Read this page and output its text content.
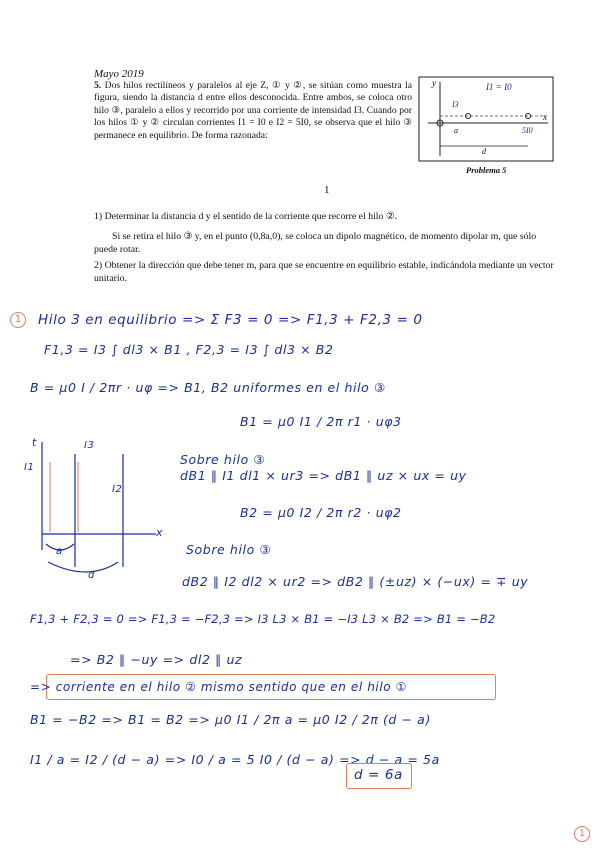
Mayo 2019
5. Dos hilos rectilíneos y paralelos al eje Z, ① y ②, se sitúan como muestra la figura, siendo la distancia d entre ellos desconocida. Entre ambos, se coloca otro hilo ③, paralelo a ellos y recorrido por una corriente de intensidad I3. Cuando por los hilos ① y ② circulan corrientes I1 = I0 e I2 = 5I0, se observa que el hilo ③ permanece en equilibrio. De forma razonada:
y
x
I1 = I0
I3
5I0
a
d
Problema 5
1
1) Determinar la distancia d y el sentido de la corriente que recorre el hilo ②.
Si se retira el hilo ③ y, en el punto (0,8a,0), se coloca un dipolo magnético, de momento dipolar m, que sólo puede rotar.
2) Obtener la dirección que debe tener m, para que se encuentre en equilibrio estable, indicándola mediante un vector unitario.
1	Hilo 3 en equilibrio => Σ F3 = 0 => F1,3 + F2,3 = 0
F1,3 = I3 ∫ dl3 × B1 , F2,3 = I3 ∫ dl3 × B2
B = μ0 I / 2πr · uφ => B1, B2 uniformes en el hilo ③
B1 = μ0 I1 / 2π r1 · uφ3
Sobre hilo ③
dB1 ∥ I1 dl1 × ur3 => dB1 ∥ uz × ux = uy
B2 = μ0 I2 / 2π r2 · uφ2
Sobre hilo ③
dB2 ∥ I2 dl2 × ur2 => dB2 ∥ (±uz) × (−ux) = ∓ uy
F1,3 + F2,3 = 0 => F1,3 = −F2,3 => I3 L3 × B1 = −I3 L3 × B2 => B1 = −B2
=> B2 ∥ −uy => dl2 ∥ uz
=> corriente en el hilo ② mismo sentido que en el hilo ①
B1 = −B2 => B1 = B2 => μ0 I1 / 2π a = μ0 I2 / 2π (d − a)
I1 / a = I2 / (d − a) => I0 / a = 5 I0 / (d − a) => d − a = 5a
d = 6a
t
I1
I3
I2
x
a
d
1
